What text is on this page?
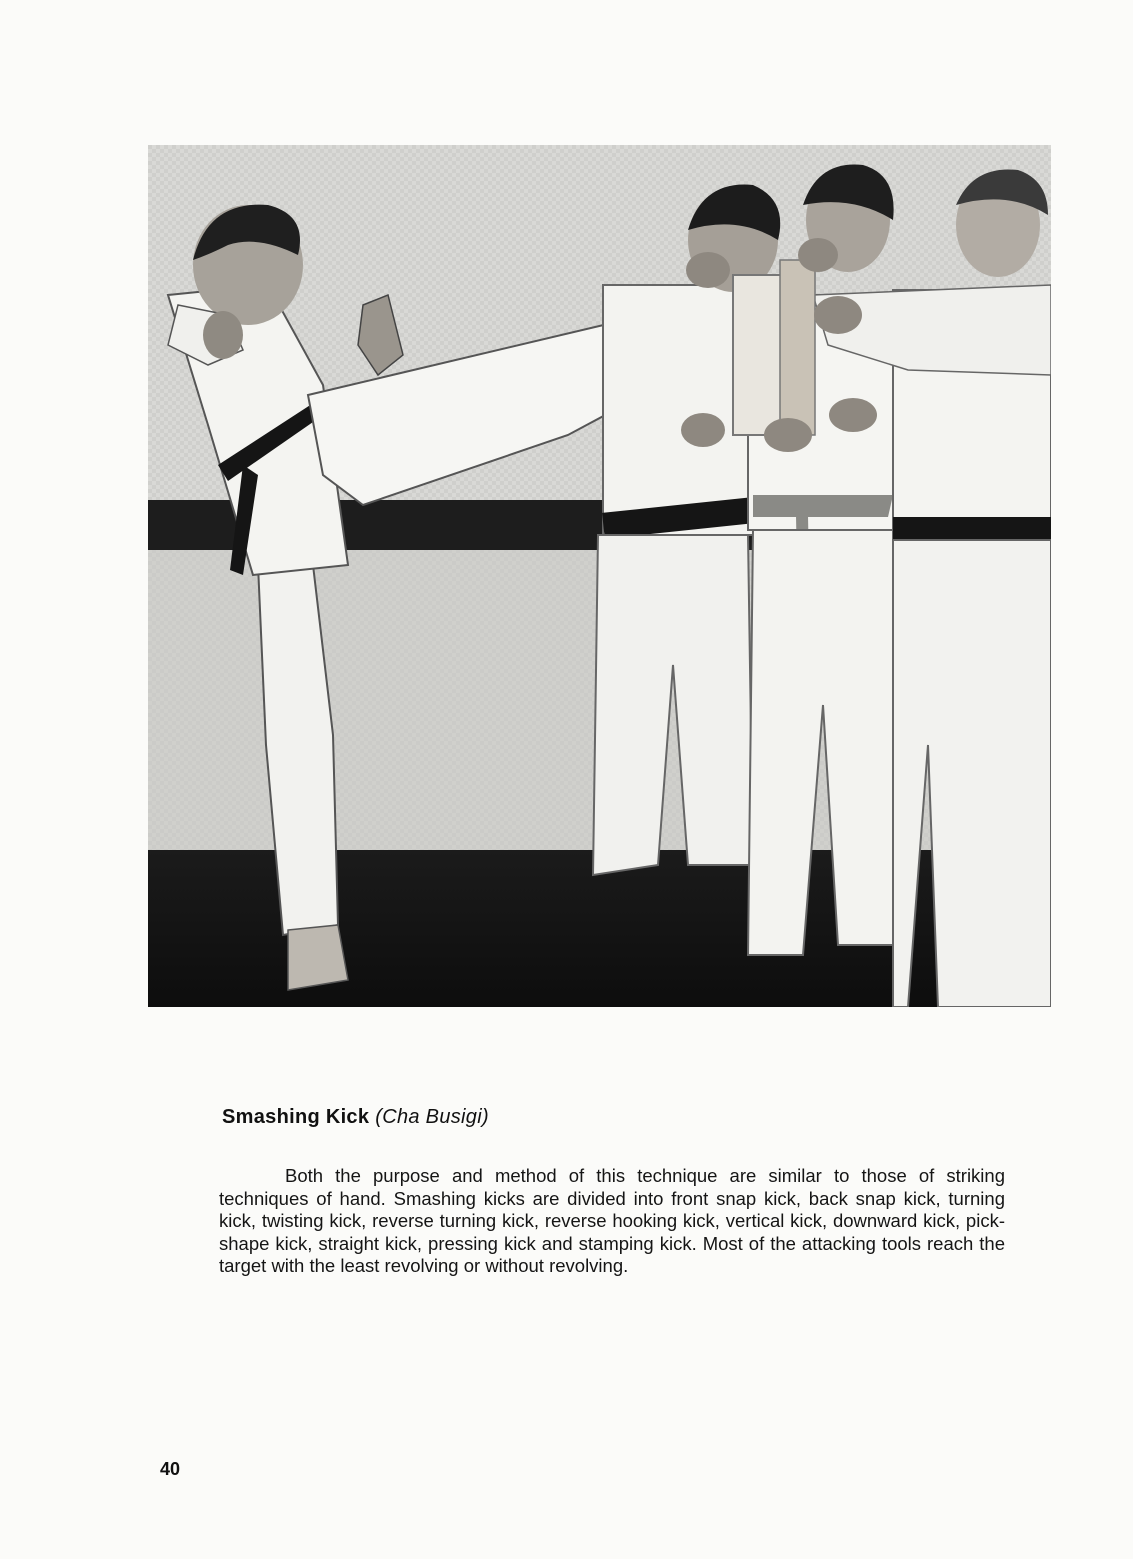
Smashing Kick (Cha Busigi)

Both the purpose and method of this technique are similar to those of striking techniques of hand. Smashing kicks are divided into front snap kick, back snap kick, turning kick, twisting kick, reverse turning kick, reverse hooking kick, vertical kick, downward kick, pick-shape kick, straight kick, pressing kick and stamping kick. Most of the attacking tools reach the target with the least revolving or without revolving.

40
